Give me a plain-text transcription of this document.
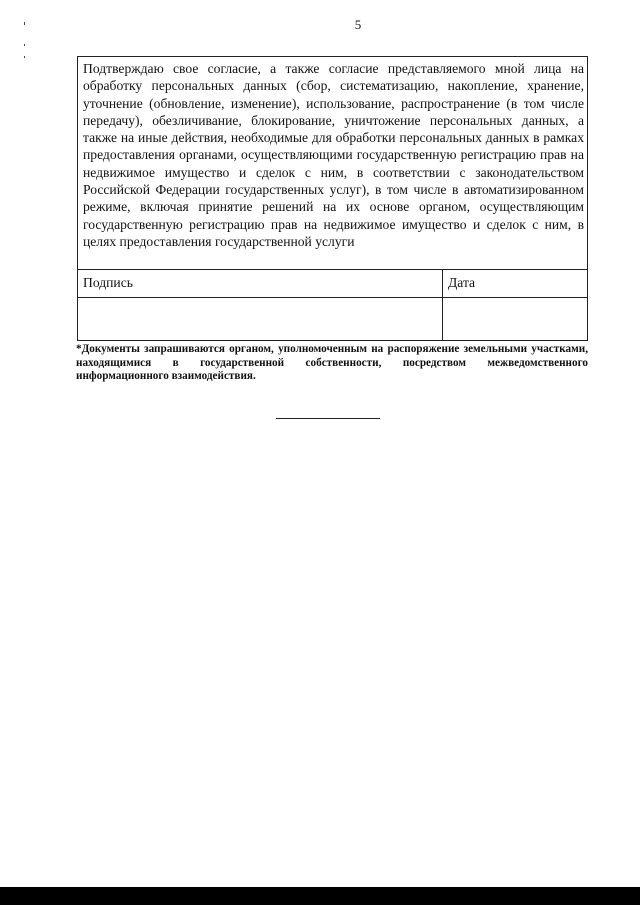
5
Подтверждаю свое согласие, а также согласие представляемого мной лица на обработку персональных данных (сбор, систематизацию, накопление, хранение, уточнение (обновление, изменение), использование, распространение (в том числе передачу), обезличивание, блокирование, уничтожение персональных данных, а также на иные действия, необходимые для обработки персональных данных в рамках предоставления органами, осуществляющими государственную регистрацию прав на недвижимое имущество и сделок с ним, в соответствии с законодательством Российской Федерации государственных услуг), в том числе в автоматизированном режиме, включая принятие решений на их основе органом, осуществляющим государственную регистрацию прав на недвижимое имущество и сделок с ним, в целях предоставления государственной услуги
Подпись	Дата
*Документы запрашиваются органом, уполномоченным на распоряжение земельными участками, находящимися в государственной собственности, посредством межведомственного информационного взаимодействия.
